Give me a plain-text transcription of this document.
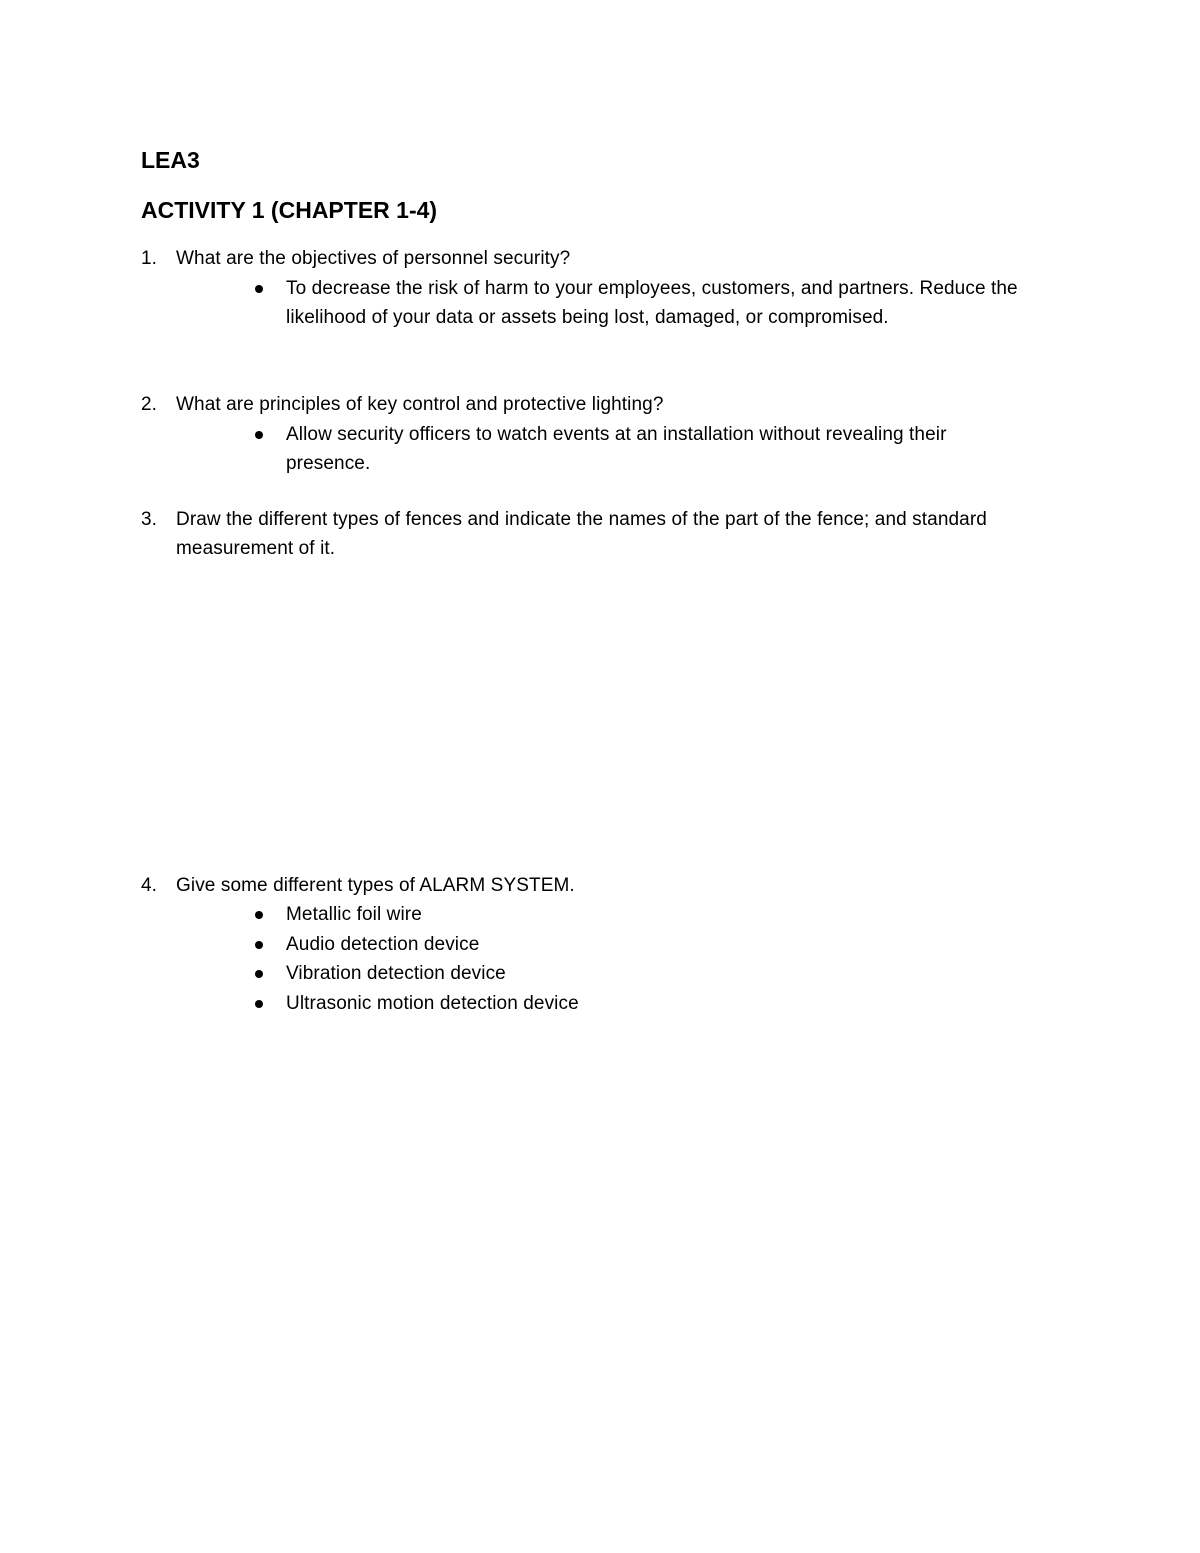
LEA3
ACTIVITY 1 (CHAPTER 1-4)
1. What are the objectives of personnel security?
To decrease the risk of harm to your employees, customers, and partners. Reduce the
likelihood of your data or assets being lost, damaged, or compromised.
2. What are principles of key control and protective lighting?
Allow security officers to watch events at an installation without revealing their
presence.
3. Draw the different types of fences and indicate the names of the part of the fence; and standard
measurement of it.
4. Give some different types of ALARM SYSTEM.
Metallic foil wire
Audio detection device
Vibration detection device
Ultrasonic motion detection device
